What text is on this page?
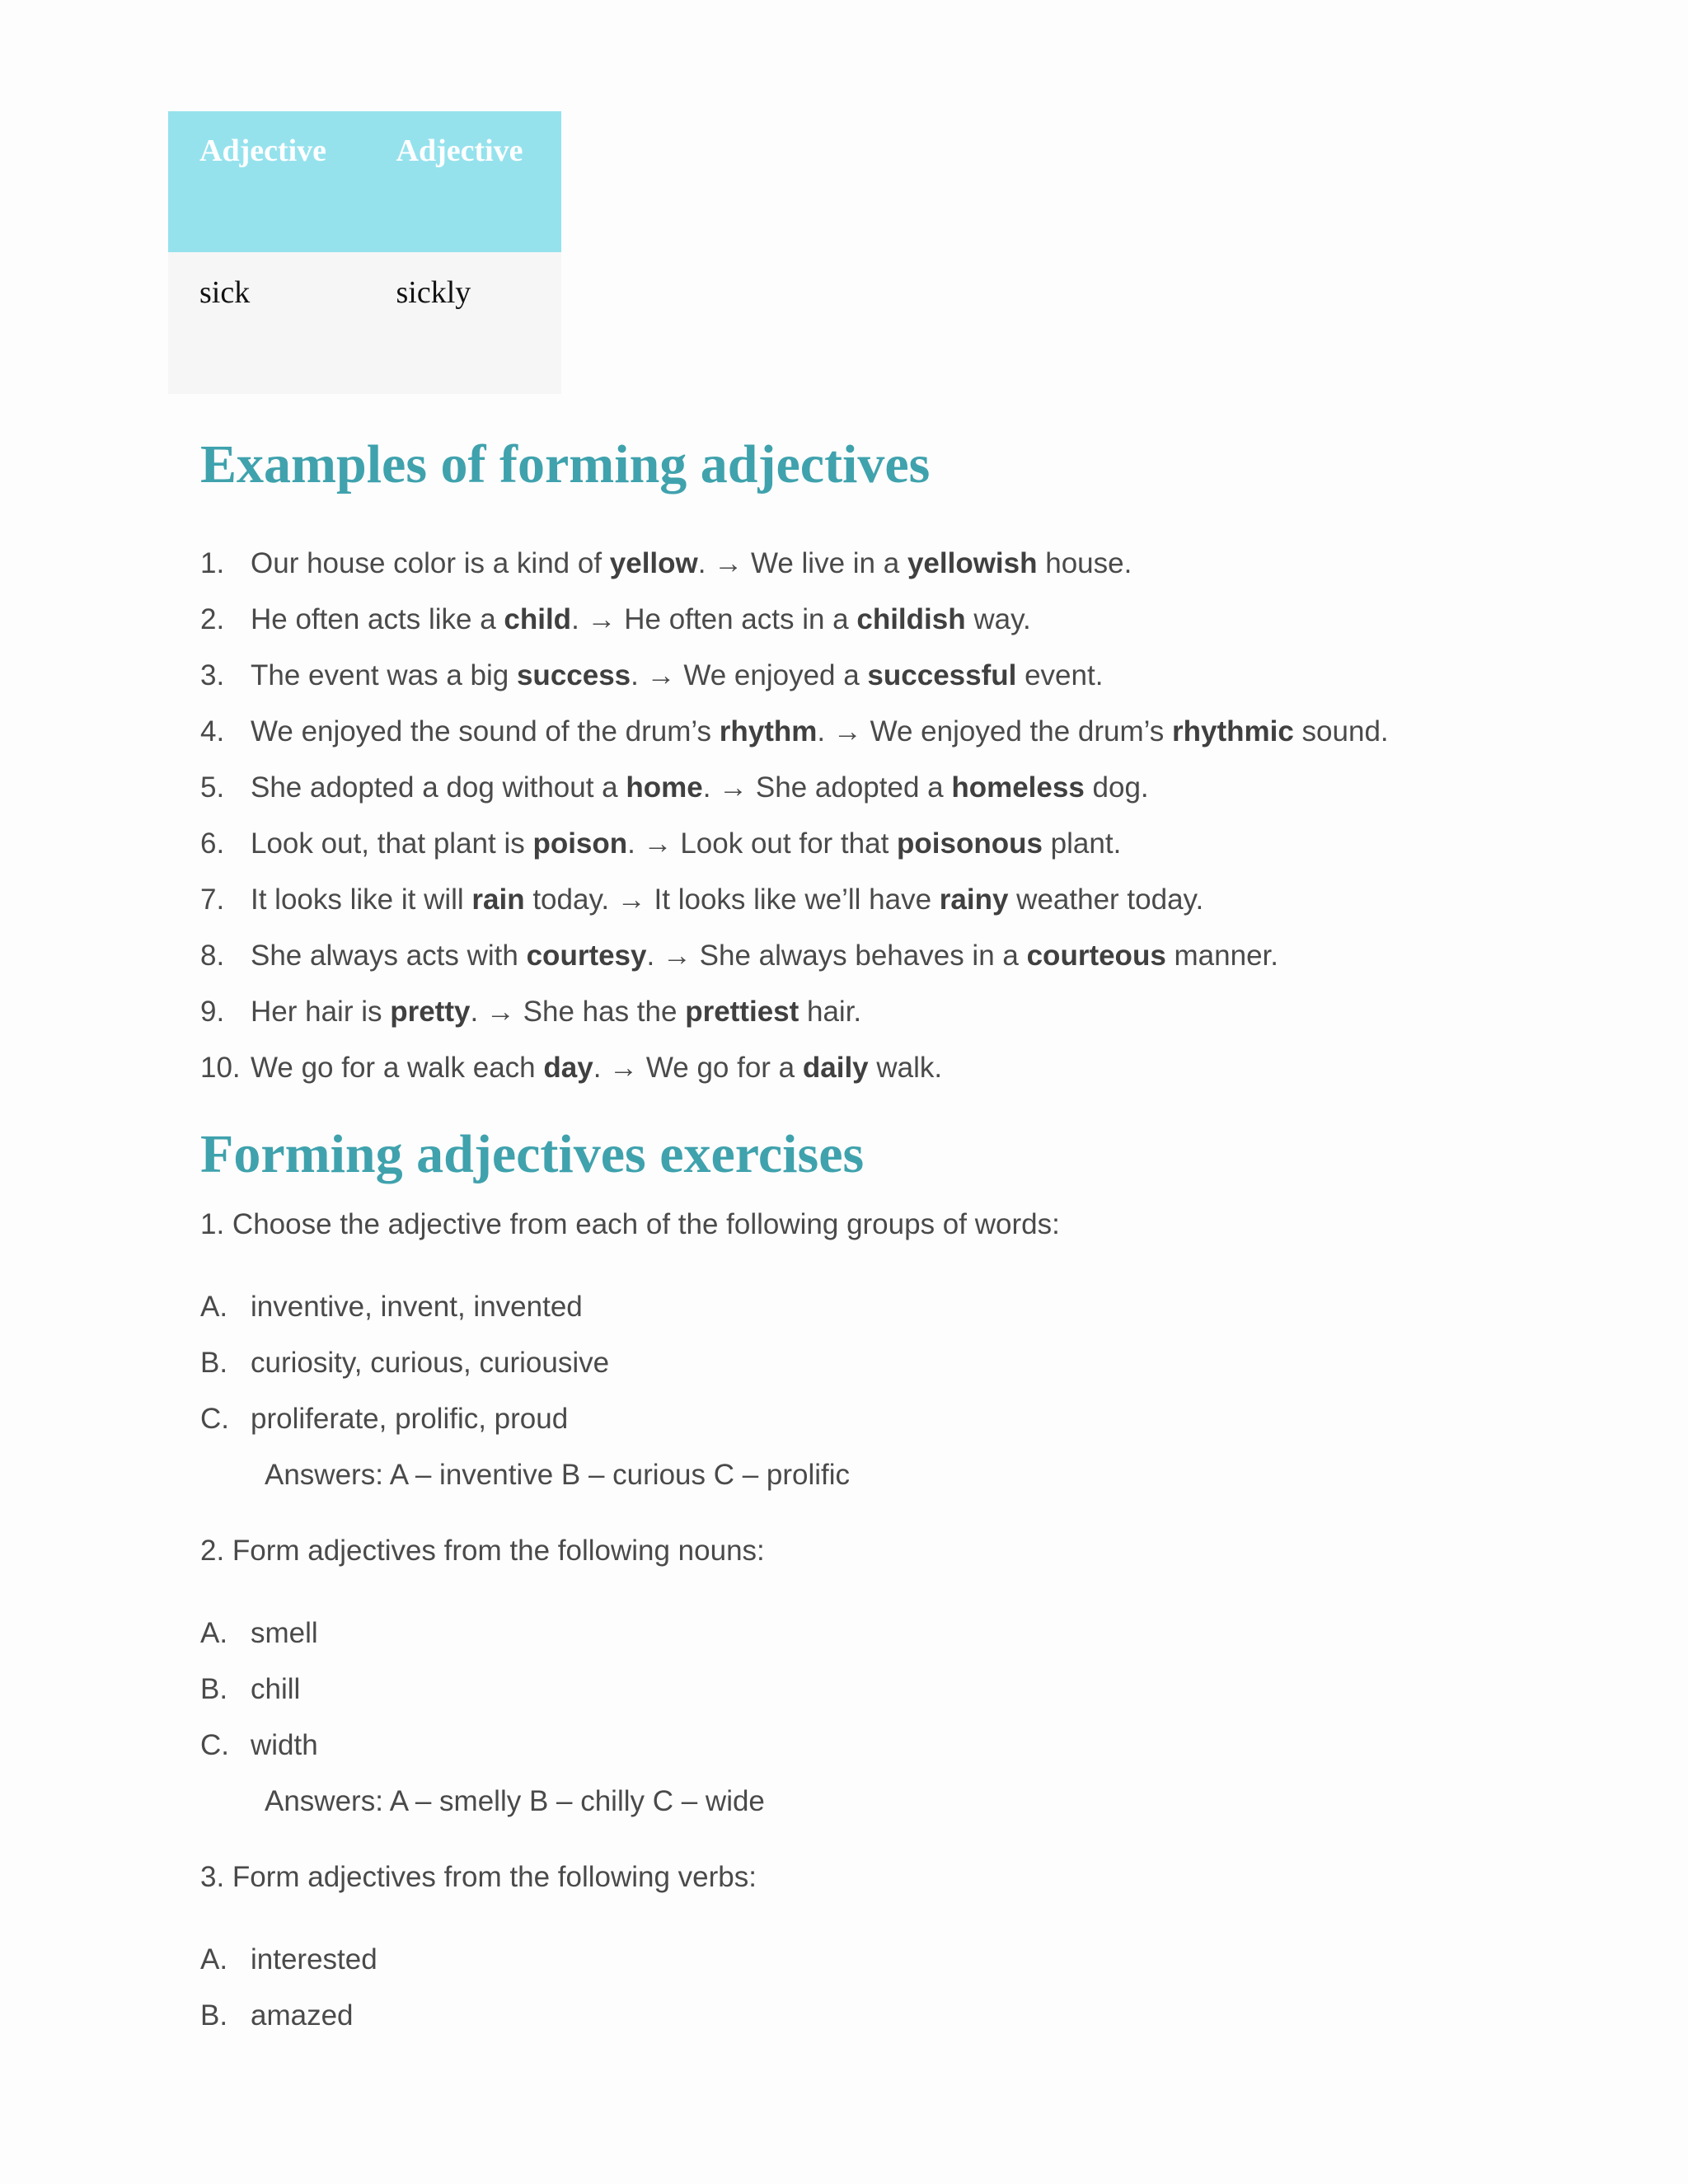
Adjective	Adjective
sick	sickly
Examples of forming adjectives
1. Our house color is a kind of yellow. → We live in a yellowish house.
2. He often acts like a child. → He often acts in a childish way.
3. The event was a big success. → We enjoyed a successful event.
4. We enjoyed the sound of the drum’s rhythm. → We enjoyed the drum’s rhythmic sound.
5. She adopted a dog without a home. → She adopted a homeless dog.
6. Look out, that plant is poison. → Look out for that poisonous plant.
7. It looks like it will rain today. → It looks like we’ll have rainy weather today.
8. She always acts with courtesy. → She always behaves in a courteous manner.
9. Her hair is pretty. → She has the prettiest hair.
10. We go for a walk each day. → We go for a daily walk.
Forming adjectives exercises

1. Choose the adjective from each of the following groups of words:

A. inventive, invent, invented
B. curiosity, curious, curiousive
C. proliferate, prolific, proud

Answers: A – inventive B – curious C – prolific

2. Form adjectives from the following nouns:

A. smell
B. chill
C. width

Answers: A – smelly B – chilly C – wide

3. Form adjectives from the following verbs:

A. interested
B. amazed
